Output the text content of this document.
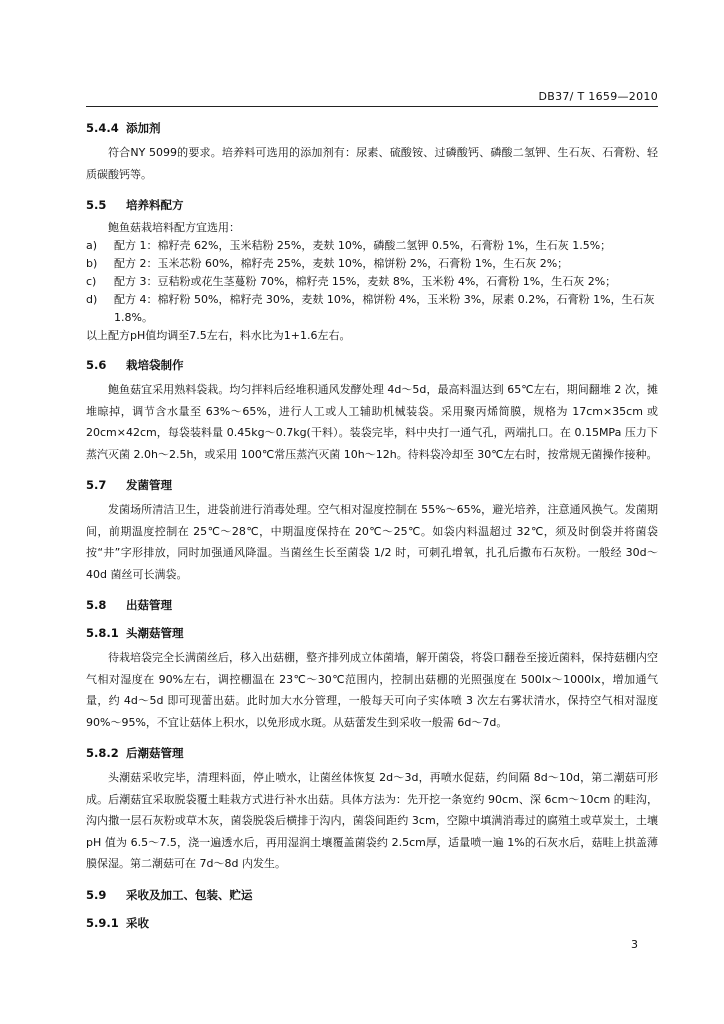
DB37/ T 1659—2010
5.4.4 添加剂
符合NY 5099的要求。培养料可选用的添加剂有：尿素、硫酸铵、过磷酸钙、磷酸二氢钾、生石灰、石膏粉、轻质碳酸钙等。
5.5 培养料配方
鲍鱼菇栽培料配方宜选用：
a)	配方 1：棉籽壳 62%，玉米秸粉 25%，麦麸 10%，磷酸二氢钾 0.5%，石膏粉 1%，生石灰 1.5%；
b)	配方 2：玉米芯粉 60%，棉籽壳 25%，麦麸 10%，棉饼粉 2%，石膏粉 1%，生石灰 2%；
c)	配方 3：豆秸粉或花生茎蔓粉 70%，棉籽壳 15%，麦麸 8%，玉米粉 4%，石膏粉 1%，生石灰 2%；
d)	配方 4：棉籽粉 50%，棉籽壳 30%，麦麸 10%，棉饼粉 4%，玉米粉 3%，尿素 0.2%，石膏粉 1%，生石灰 1.8%。
以上配方pH值均调至7.5左右，料水比为1+1.6左右。
5.6 栽培袋制作
鲍鱼菇宜采用熟料袋栽。均匀拌料后经堆积通风发酵处理 4d～5d，最高料温达到 65℃左右，期间翻堆 2 次，摊堆晾掉，调节含水量至 63%～65%，进行人工或人工辅助机械装袋。采用聚丙烯简膜，规格为 17cm×35cm 或 20cm×42cm，每袋装料量 0.45kg～0.7kg(干料）。装袋完毕，料中央打一通气孔，两端扎口。在 0.15MPa 压力下蒸汽灭菌 2.0h～2.5h，或采用 100℃常压蒸汽灭菌 10h～12h。待料袋冷却至 30℃左右时，按常规无菌操作接种。
5.7 发菌管理
发菌场所清洁卫生，进袋前进行消毒处理。空气相对湿度控制在 55%～65%，避光培养，注意通风换气。发菌期间，前期温度控制在 25℃～28℃，中期温度保持在 20℃～25℃。如袋内料温超过 32℃，须及时倒袋并将菌袋按“井”字形排放，同时加强通风降温。当菌丝生长至菌袋 1/2 时，可刺孔增氧，扎孔后撒布石灰粉。一般经 30d～40d 菌丝可长满袋。
5.8 出菇管理
5.8.1 头潮菇管理
待栽培袋完全长满菌丝后，移入出菇棚，整齐排列成立体菌墙，解开菌袋，将袋口翻卷至接近菌料，保持菇棚内空气相对湿度在 90%左右，调控棚温在 23℃～30℃范围内，控制出菇棚的光照强度在 500lx～1000lx，增加通气量，约 4d～5d 即可现蕾出菇。此时加大水分管理，一般每天可向子实体喷 3 次左右雾状清水，保持空气相对湿度 90%～95%，不宜让菇体上积水，以免形成水斑。从菇蕾发生到采收一般需 6d～7d。
5.8.2 后潮菇管理
头潮菇采收完毕，清理料面，停止喷水，让菌丝体恢复 2d～3d，再喷水促菇，约间隔 8d～10d，第二潮菇可形成。后潮菇宜采取脱袋覆土畦栽方式进行补水出菇。具体方法为：先开挖一条宽约 90cm、深 6cm～10cm 的畦沟，沟内撒一层石灰粉或草木灰，菌袋脱袋后横排于沟内，菌袋间距约 3cm，空隙中填满消毒过的腐殖土或草炭土，土壤 pH 值为 6.5～7.5，浇一遍透水后，再用湿润土壤覆盖菌袋约 2.5cm厚，适量喷一遍 1%的石灰水后，菇畦上拱盖薄膜保湿。第二潮菇可在 7d～8d 内发生。
5.9 采收及加工、包装、贮运
5.9.1 采收
3
